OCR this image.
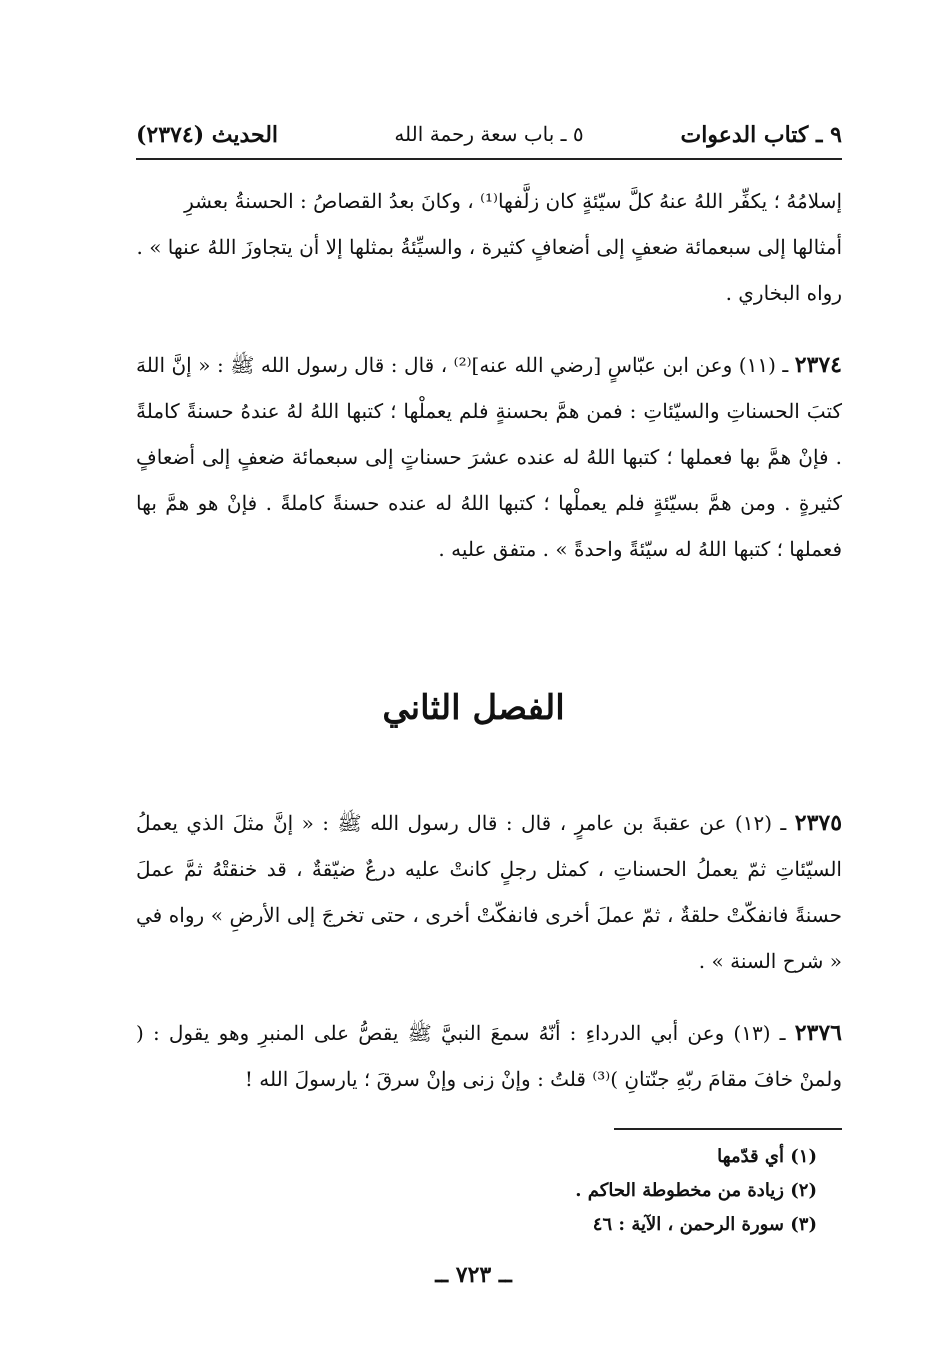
٩ ـ كتاب الدعوات
٥ ـ باب سعة رحمة الله
الحديث (٢٣٧٤)

إسلامُهُ ؛ يكفِّر اللهُ عنهُ كلَّ سيّئةٍ كان زلَّفها⁽¹⁾ ، وكانَ بعدُ القصاصُ : الحسنةُ بعشرِ

أمثالها إلى سبعمائة ضعفٍ إلى أضعافٍ كثيرة ، والسيِّئةُ بمثلها إلا أن يتجاوزَ اللهُ عنها » .

رواه البخاري .

٢٣٧٤ ـ (١١) وعن ابن عبّاسٍ [رضي الله عنه]⁽²⁾ ، قال : قال رسول الله ﷺ : « إنَّ اللهَ كتبَ الحسناتِ والسيّئاتِ : فمن همَّ بحسنةٍ فلم يعملْها ؛ كتبها اللهُ لهُ عندهُ حسنةً كاملةً . فإنْ همَّ بها فعملها ؛ كتبها اللهُ له عنده عشرَ حسناتٍ إلى سبعمائة ضعفٍ إلى أضعافٍ كثيرةٍ . ومن همَّ بسيّئةٍ فلم يعملْها ؛ كتبها اللهُ له عنده حسنةً كاملةً . فإنْ هو همَّ بها فعملها ؛ كتبها اللهُ له سيّئةً واحدةً » . متفق عليه .

الفصل الثاني

٢٣٧٥ ـ (١٢) عن عقبةَ بن عامرٍ ، قال : قال رسول الله ﷺ : « إنَّ مثلَ الذي يعملُ السيّئاتِ ثمّ يعملُ الحسناتِ ، كمثل رجلٍ كانتْ عليه درعٌ ضيّقةٌ ، قد خنقتْهُ ثمَّ عملَ حسنةً فانفكّتْ حلقةٌ ، ثمّ عملَ أخرى فانفكّتْ أخرى ، حتى تخرجَ إلى الأرضِ » رواه في « شرح السنة » .

٢٣٧٦ ـ (١٣) وعن أبي الدرداءِ : أنّهُ سمعَ النبيَّ ﷺ يقصُّ على المنبرِ وهو يقول : ( ولمنْ خافَ مقامَ ربّهِ جنّتانِ )⁽³⁾ قلتُ : وإنْ زنى وإنْ سرقَ ؛ يارسولَ الله !

(١) أي قدّمها
(٢) زيادة من مخطوطة الحاكم .
(٣) سورة الرحمن ، الآية : ٤٦
ــ ٧٢٣ ــ
